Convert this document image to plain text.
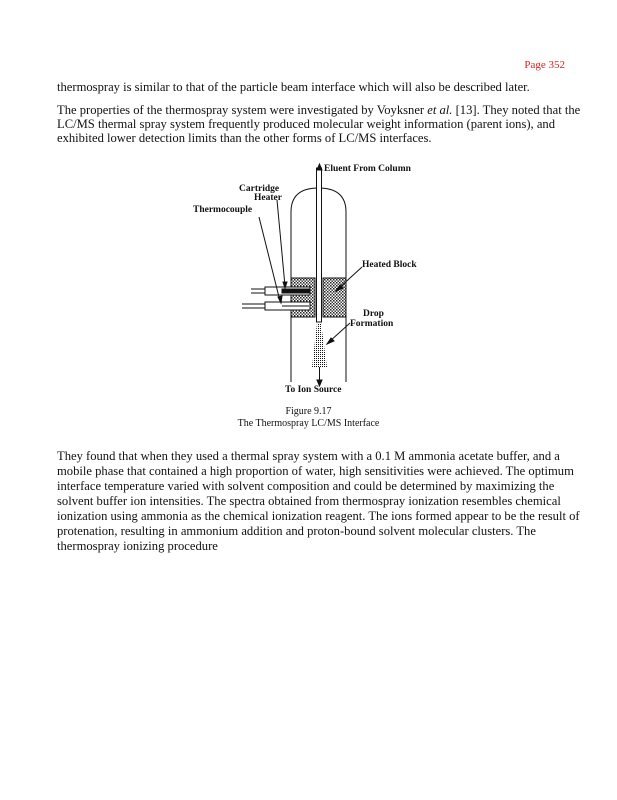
Page 352
thermospray is similar to that of the particle beam interface which will also be described later.
The properties of the thermospray system were investigated by Voyksner et al. [13]. They noted that the
LC/MS thermal spray system frequently produced molecular weight information (parent ions), and
exhibited lower detection limits than the other forms of LC/MS interfaces.
Eluent From Column
Cartridge
Heater
Thermocouple
Heated Block
Drop
Formation
To Ion Source
Figure 9.17
The Thermospray LC/MS Interface
They found that when they used a thermal spray system with a 0.1 M ammonia acetate buffer, and a
mobile phase that contained a high proportion of water, high sensitivities were achieved. The optimum
interface temperature varied with solvent composition and could be determined by maximizing the
solvent buffer ion intensities. The spectra obtained from thermospray ionization resembles chemical
ionization using ammonia as the chemical ionization reagent. The ions formed appear to be the result of
protenation, resulting in ammonium addition and proton-bound solvent molecular clusters. The
thermospray ionizing procedure
